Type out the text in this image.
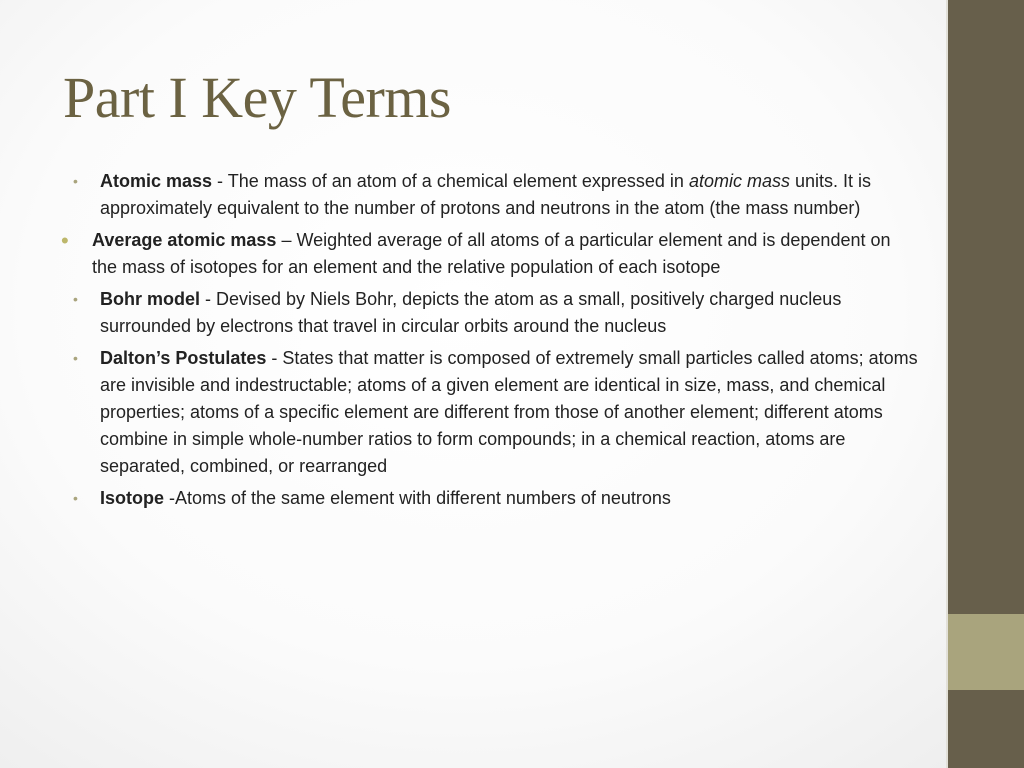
Part I Key Terms
• Atomic mass - The mass of an atom of a chemical element expressed in atomic mass units. It is approximately equivalent to the number of protons and neutrons in the atom (the mass number)
• Average atomic mass – Weighted average of all atoms of a particular element and is dependent on the mass of isotopes for an element and the relative population of each isotope
• Bohr model - Devised by Niels Bohr, depicts the atom as a small, positively charged nucleus surrounded by electrons that travel in circular orbits around the nucleus
• Dalton’s Postulates - States that matter is composed of extremely small particles called atoms; atoms are invisible and indestructable; atoms of a given element are identical in size, mass, and chemical properties; atoms of a specific element are different from those of another element; different atoms combine in simple whole-number ratios to form compounds; in a chemical reaction, atoms are separated, combined, or rearranged
• Isotope -Atoms of the same element with different numbers of neutrons
